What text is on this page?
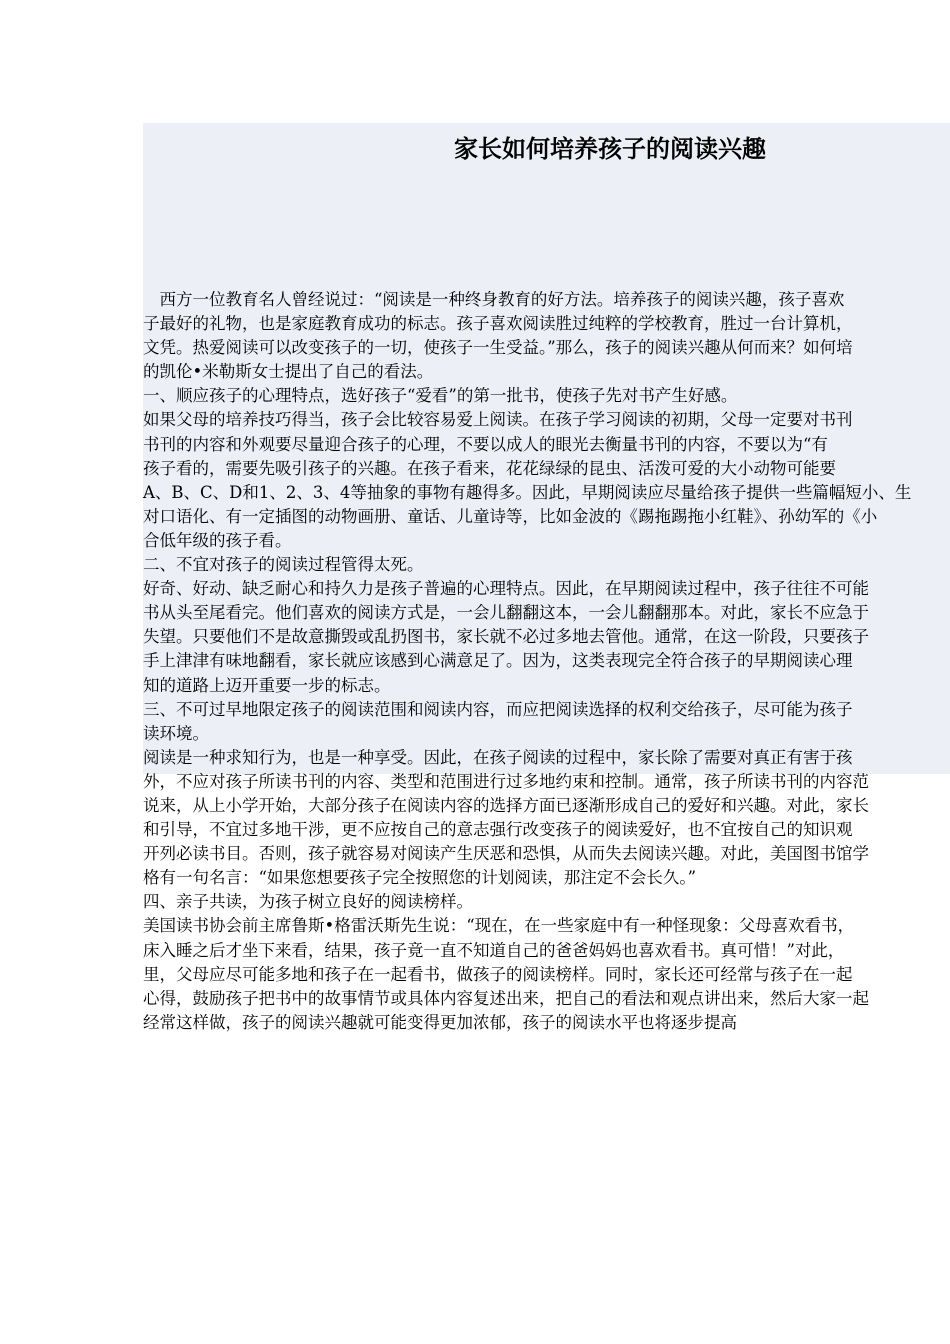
家长如何培养孩子的阅读兴趣

　西方一位教育名人曾经说过：“阅读是一种终身教育的好方法。培养孩子的阅读兴趣，孩子喜欢

子最好的礼物，也是家庭教育成功的标志。孩子喜欢阅读胜过纯粹的学校教育，胜过一台计算机，

文凭。热爱阅读可以改变孩子的一切，使孩子一生受益。”那么，孩子的阅读兴趣从何而来？如何培

的凯伦•米勒斯女士提出了自己的看法。

一、顺应孩子的心理特点，选好孩子“爱看”的第一批书，使孩子先对书产生好感。

如果父母的培养技巧得当，孩子会比较容易爱上阅读。在孩子学习阅读的初期，父母一定要对书刊

书刊的内容和外观要尽量迎合孩子的心理，不要以成人的眼光去衡量书刊的内容，不要以为“有

孩子看的，需要先吸引孩子的兴趣。在孩子看来，花花绿绿的昆虫、活泼可爱的大小动物可能要

A、B、C、D和1、2、3、4等抽象的事物有趣得多。因此，早期阅读应尽量给孩子提供一些篇幅短小、生

对口语化、有一定插图的动物画册、童话、儿童诗等，比如金波的《踢拖踢拖小红鞋》、孙幼军的《小

合低年级的孩子看。

二、不宜对孩子的阅读过程管得太死。

好奇、好动、缺乏耐心和持久力是孩子普遍的心理特点。因此，在早期阅读过程中，孩子往往不可能

书从头至尾看完。他们喜欢的阅读方式是，一会儿翻翻这本，一会儿翻翻那本。对此，家长不应急于

失望。只要他们不是故意撕毁或乱扔图书，家长就不必过多地去管他。通常，在这一阶段，只要孩子

手上津津有味地翻看，家长就应该感到心满意足了。因为，这类表现完全符合孩子的早期阅读心理

知的道路上迈开重要一步的标志。

三、不可过早地限定孩子的阅读范围和阅读内容，而应把阅读选择的权利交给孩子，尽可能为孩子

读环境。

阅读是一种求知行为，也是一种享受。因此，在孩子阅读的过程中，家长除了需要对真正有害于孩

外，不应对孩子所读书刊的内容、类型和范围进行过多地约束和控制。通常，孩子所读书刊的内容范

说来，从上小学开始，大部分孩子在阅读内容的选择方面已逐渐形成自己的爱好和兴趣。对此，家长

和引导，不宜过多地干涉，更不应按自己的意志强行改变孩子的阅读爱好，也不宜按自己的知识观

开列必读书目。否则，孩子就容易对阅读产生厌恶和恐惧，从而失去阅读兴趣。对此，美国图书馆学

格有一句名言：“如果您想要孩子完全按照您的计划阅读，那注定不会长久。”

四、亲子共读，为孩子树立良好的阅读榜样。

美国读书协会前主席鲁斯•格雷沃斯先生说：“现在，在一些家庭中有一种怪现象：父母喜欢看书，

床入睡之后才坐下来看，结果，孩子竟一直不知道自己的爸爸妈妈也喜欢看书。真可惜！”对此，

里，父母应尽可能多地和孩子在一起看书，做孩子的阅读榜样。同时，家长还可经常与孩子在一起

心得，鼓励孩子把书中的故事情节或具体内容复述出来，把自己的看法和观点讲出来，然后大家一起

经常这样做，孩子的阅读兴趣就可能变得更加浓郁，孩子的阅读水平也将逐步提高
